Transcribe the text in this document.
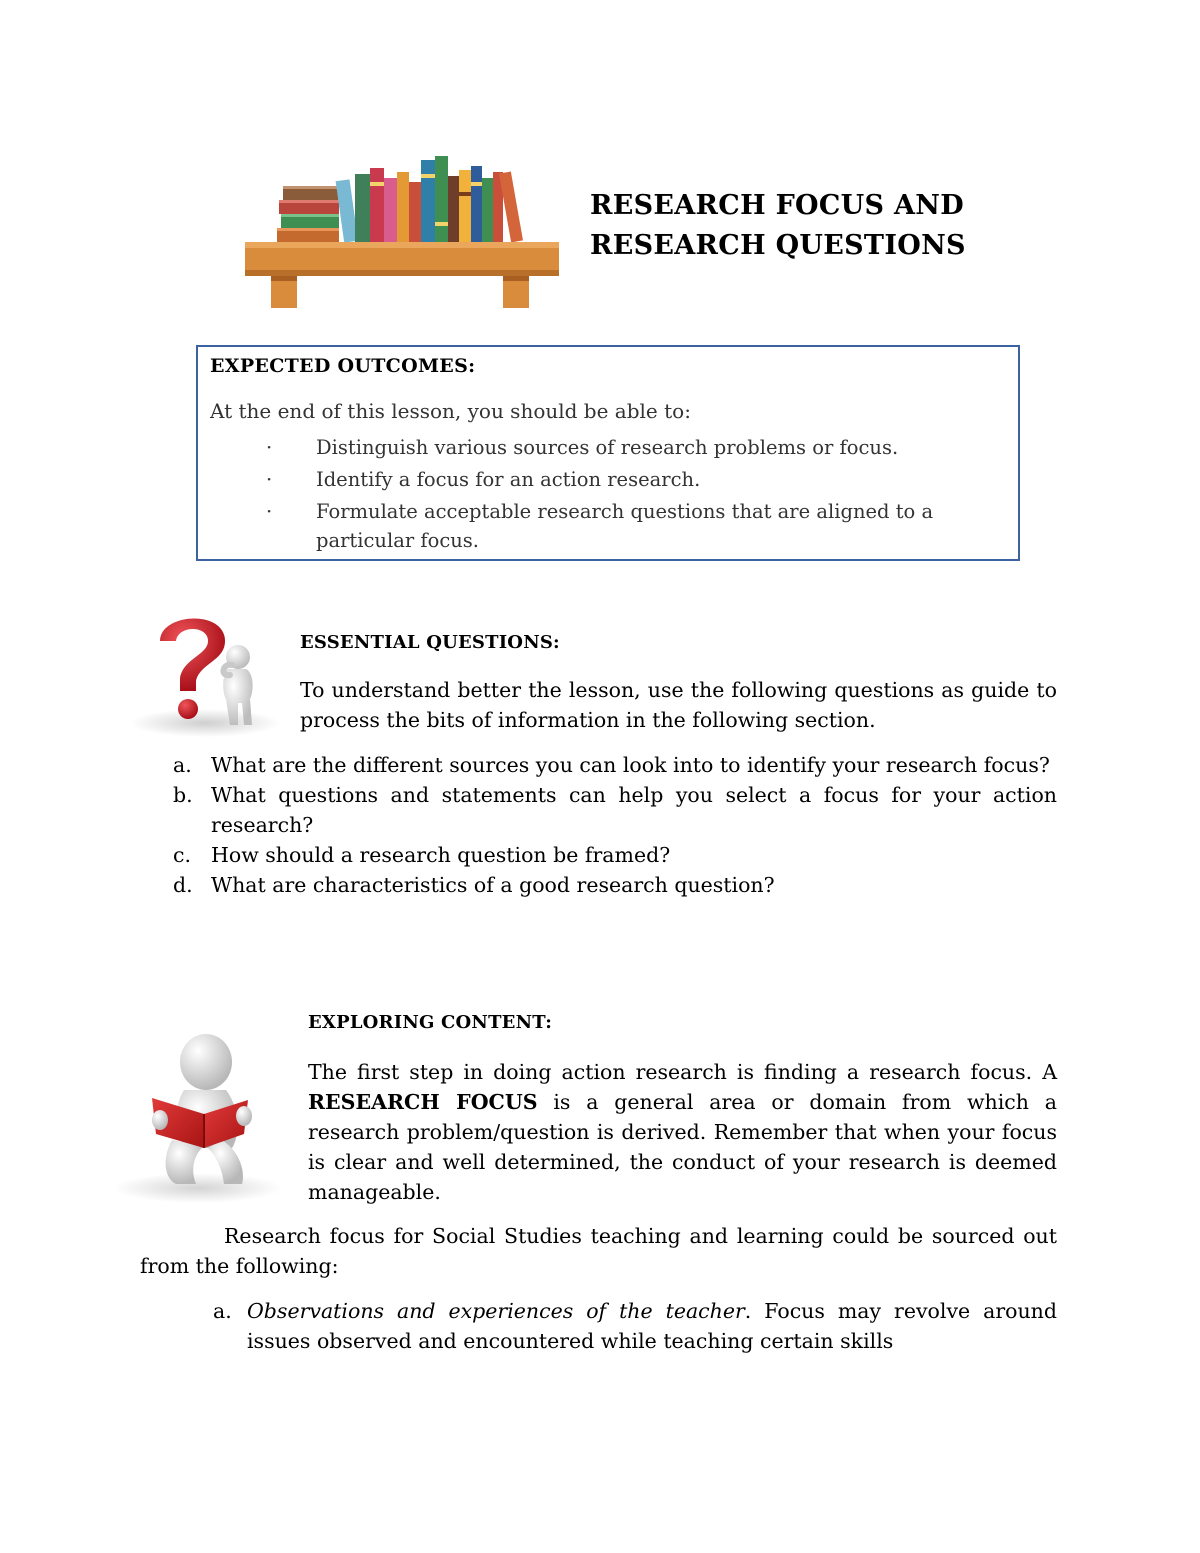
RESEARCH FOCUS AND
RESEARCH QUESTIONS
EXPECTED OUTCOMES:
At the end of this lesson, you should be able to:
· Distinguish various sources of research problems or focus.
· Identify a focus for an action research.
· Formulate acceptable research questions that are aligned to a particular focus.
ESSENTIAL QUESTIONS:
To understand better the lesson, use the following questions as guide to process the bits of information in the following section.
a. What are the different sources you can look into to identify your research focus?
b. What questions and statements can help you select a focus for your action research?
c. How should a research question be framed?
d. What are characteristics of a good research question?
EXPLORING CONTENT:
The first step in doing action research is finding a research focus. A RESEARCH FOCUS is a general area or domain from which a research problem/question is derived. Remember that when your focus is clear and well determined, the conduct of your research is deemed manageable.
Research focus for Social Studies teaching and learning could be sourced out from the following:
a. Observations and experiences of the teacher. Focus may revolve around issues observed and encountered while teaching certain skills
